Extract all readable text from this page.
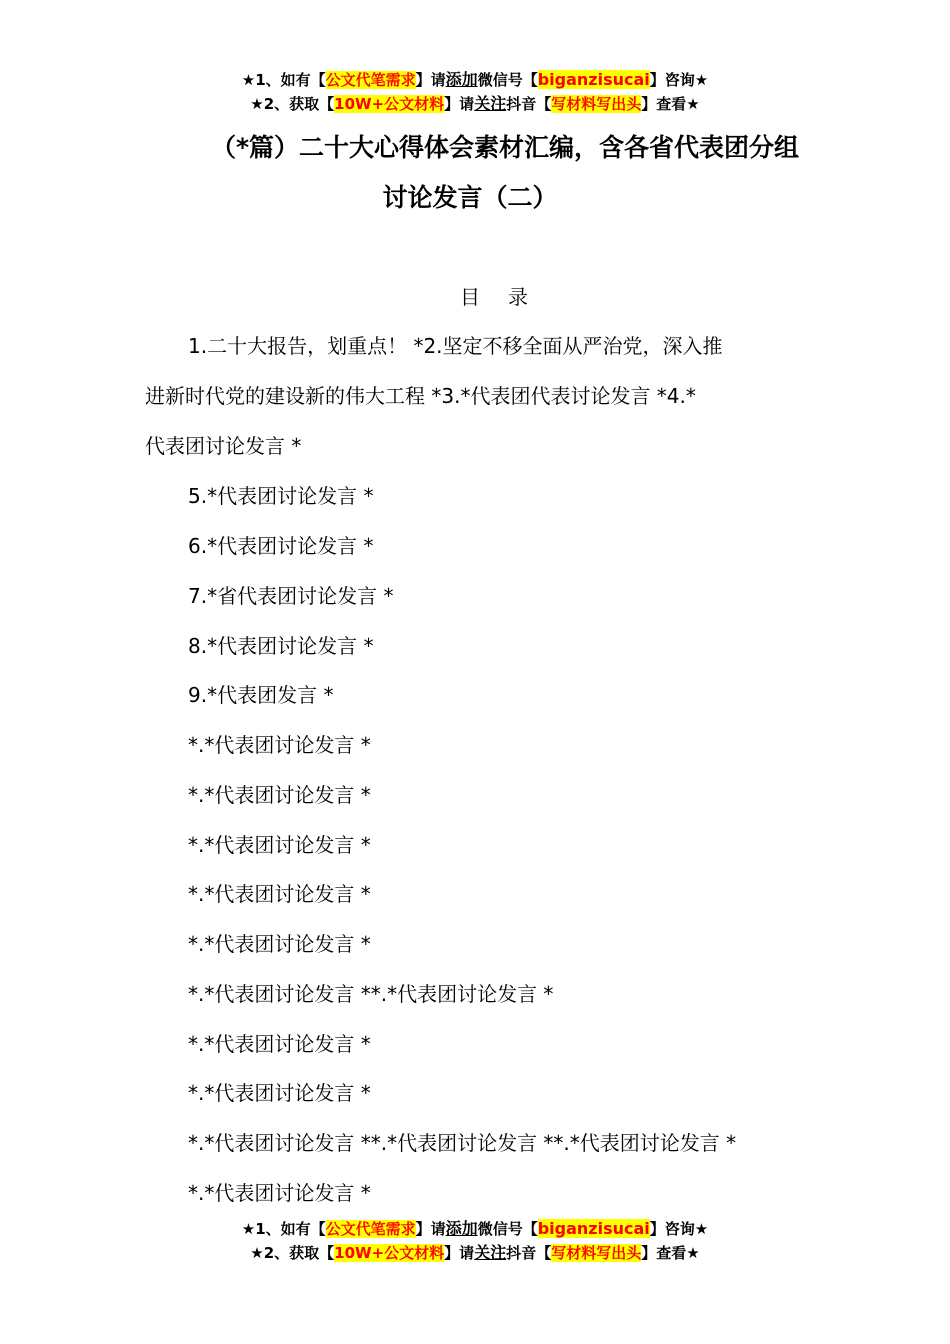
★1、如有【公文代笔需求】请添加微信号【biganzisucai】咨询★
★2、获取【10W+公文材料】请关注抖音【写材料写出头】查看★
（*篇）二十大心得体会素材汇编，含各省代表团分组
讨论发言（二）
目录
1.二十大报告，划重点！ *2.坚定不移全面从严治党，深入推
进新时代党的建设新的伟大工程 *3.*代表团代表讨论发言 *4.*
代表团讨论发言 *
5.*代表团讨论发言 *
6.*代表团讨论发言 *
7.*省代表团讨论发言 *
8.*代表团讨论发言 *
9.*代表团发言 *
*.*代表团讨论发言 *
*.*代表团讨论发言 *
*.*代表团讨论发言 *
*.*代表团讨论发言 *
*.*代表团讨论发言 *
*.*代表团讨论发言 **.*代表团讨论发言 *
*.*代表团讨论发言 *
*.*代表团讨论发言 *
*.*代表团讨论发言 **.*代表团讨论发言 **.*代表团讨论发言 *
*.*代表团讨论发言 *
★1、如有【公文代笔需求】请添加微信号【biganzisucai】咨询★
★2、获取【10W+公文材料】请关注抖音【写材料写出头】查看★
